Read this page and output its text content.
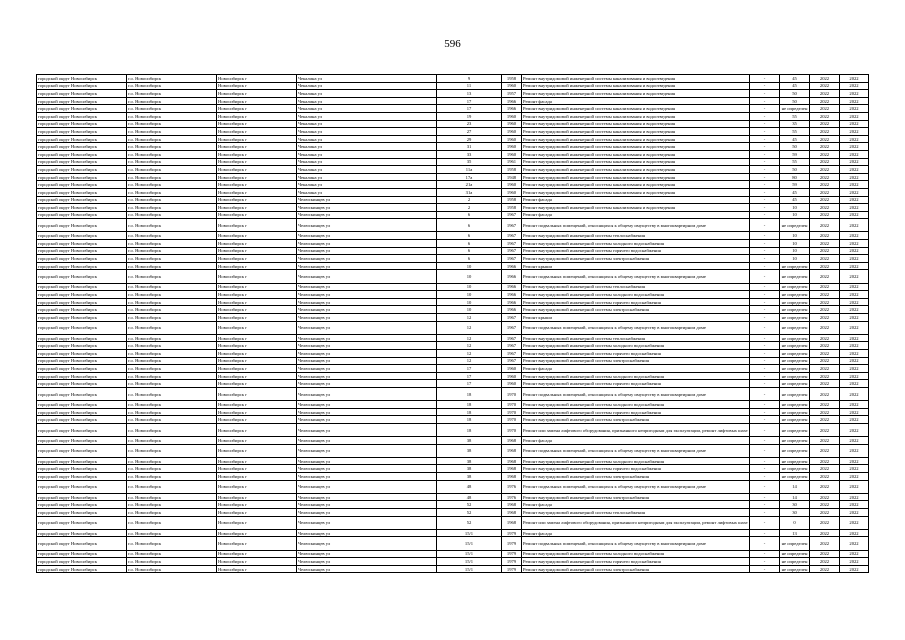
596
городской округ Новосибирск	г.о. Новосибирск	Новосибирск г	Чекалина ул	9	1958	Ремонт внутридомовой инженерной системы канализования и водоотведения	-	45	2022	2022
городской округ Новосибирск	г.о. Новосибирск	Новосибирск г	Чекалина ул	11	1960	Ремонт внутридомовой инженерной системы канализования и водоотведения	-	45	2022	2022
городской округ Новосибирск	г.о. Новосибирск	Новосибирск г	Чекалина ул	13	1957	Ремонт внутридомовой инженерной системы канализования и водоотведения	-	50	2022	2022
городской округ Новосибирск	г.о. Новосибирск	Новосибирск г	Чекалина ул	17	1966	Ремонт фасада	-	50	2022	2022
городской округ Новосибирск	г.о. Новосибирск	Новосибирск г	Чекалина ул	17	1966	Ремонт внутридомовой инженерной системы канализования и водоотведения	-	не определен	2022	2022
городской округ Новосибирск	г.о. Новосибирск	Новосибирск г	Чекалина ул	19	1960	Ремонт внутридомовой инженерной системы канализования и водоотведения	-	55	2022	2022
городской округ Новосибирск	г.о. Новосибирск	Новосибирск г	Чекалина ул	23	1960	Ремонт внутридомовой инженерной системы канализования и водоотведения	-	35	2022	2022
городской округ Новосибирск	г.о. Новосибирск	Новосибирск г	Чекалина ул	27	1960	Ремонт внутридомовой инженерной системы канализования и водоотведения	-	55	2022	2022
городской округ Новосибирск	г.о. Новосибирск	Новосибирск г	Чекалина ул	29	1960	Ремонт внутридомовой инженерной системы канализования и водоотведения	-	45	2022	2022
городской округ Новосибирск	г.о. Новосибирск	Новосибирск г	Чекалина ул	31	1960	Ремонт внутридомовой инженерной системы канализования и водоотведения	-	50	2022	2022
городской округ Новосибирск	г.о. Новосибирск	Новосибирск г	Чекалина ул	33	1960	Ремонт внутридомовой инженерной системы канализования и водоотведения	-	59	2022	2022
городской округ Новосибирск	г.о. Новосибирск	Новосибирск г	Чекалина ул	35	1961	Ремонт внутридомовой инженерной системы канализования и водоотведения	-	55	2022	2022
городской округ Новосибирск	г.о. Новосибирск	Новосибирск г	Чекалина ул	11а	1958	Ремонт внутридомовой инженерной системы канализования и водоотведения	-	50	2022	2022
городской округ Новосибирск	г.о. Новосибирск	Новосибирск г	Чекалина ул	17а	1948	Ремонт внутридомовой инженерной системы канализования и водоотведения	-	80	2022	2022
городской округ Новосибирск	г.о. Новосибирск	Новосибирск г	Чекалина ул	21а	1960	Ремонт внутридомовой инженерной системы канализования и водоотведения	-	59	2022	2022
городской округ Новосибирск	г.о. Новосибирск	Новосибирск г	Чекалина ул	31а	1960	Ремонт внутридомовой инженерной системы канализования и водоотведения	-	45	2022	2022
городской округ Новосибирск	г.о. Новосибирск	Новосибирск г	Челюскинцев ул	2	1958	Ремонт фасада	-	45	2022	2022
городской округ Новосибирск	г.о. Новосибирск	Новосибирск г	Челюскинцев ул	2	1958	Ремонт внутридомовой инженерной системы канализования и водоотведения	-	10	2022	2022
городской округ Новосибирск	г.о. Новосибирск	Новосибирск г	Челюскинцев ул	6	1967	Ремонт фасада	-	10	2022	2022
городской округ Новосибирск	г.о. Новосибирск	Новосибирск г	Челюскинцев ул	6	1967	Ремонт подвальных помещений, относящихся к общему имуществу в многоквартирном доме	-	не определен	2022	2022
городской округ Новосибирск	г.о. Новосибирск	Новосибирск г	Челюскинцев ул	6	1967	Ремонт внутридомовой инженерной системы теплоснабжения	-	10	2022	2022
городской округ Новосибирск	г.о. Новосибирск	Новосибирск г	Челюскинцев ул	6	1967	Ремонт внутридомовой инженерной системы холодного водоснабжения	-	10	2022	2022
городской округ Новосибирск	г.о. Новосибирск	Новосибирск г	Челюскинцев ул	6	1967	Ремонт внутридомовой инженерной системы горячего водоснабжения	-	10	2022	2022
городской округ Новосибирск	г.о. Новосибирск	Новосибирск г	Челюскинцев ул	6	1967	Ремонт внутридомовой инженерной системы электроснабжения	-	10	2022	2022
городской округ Новосибирск	г.о. Новосибирск	Новосибирск г	Челюскинцев ул	10	1966	Ремонт крыши	-	не определен	2022	2022
городской округ Новосибирск	г.о. Новосибирск	Новосибирск г	Челюскинцев ул	10	1966	Ремонт подвальных помещений, относящихся к общему имуществу в многоквартирном доме	-	не определен	2022	2022
городской округ Новосибирск	г.о. Новосибирск	Новосибирск г	Челюскинцев ул	10	1966	Ремонт внутридомовой инженерной системы теплоснабжения	-	не определен	2022	2022
городской округ Новосибирск	г.о. Новосибирск	Новосибирск г	Челюскинцев ул	10	1966	Ремонт внутридомовой инженерной системы холодного водоснабжения	-	не определен	2022	2022
городской округ Новосибирск	г.о. Новосибирск	Новосибирск г	Челюскинцев ул	10	1966	Ремонт внутридомовой инженерной системы горячего водоснабжения	-	не определен	2022	2022
городской округ Новосибирск	г.о. Новосибирск	Новосибирск г	Челюскинцев ул	10	1966	Ремонт внутридомовой инженерной системы электроснабжения	-	не определен	2022	2022
городской округ Новосибирск	г.о. Новосибирск	Новосибирск г	Челюскинцев ул	12	1967	Ремонт крыши	-	не определен	2022	2022
городской округ Новосибирск	г.о. Новосибирск	Новосибирск г	Челюскинцев ул	12	1967	Ремонт подвальных помещений, относящихся к общему имуществу в многоквартирном доме	-	не определен	2022	2022
городской округ Новосибирск	г.о. Новосибирск	Новосибирск г	Челюскинцев ул	12	1967	Ремонт внутридомовой инженерной системы теплоснабжения	-	не определен	2022	2022
городской округ Новосибирск	г.о. Новосибирск	Новосибирск г	Челюскинцев ул	12	1967	Ремонт внутридомовой инженерной системы холодного водоснабжения	-	не определен	2022	2022
городской округ Новосибирск	г.о. Новосибирск	Новосибирск г	Челюскинцев ул	12	1967	Ремонт внутридомовой инженерной системы горячего водоснабжения	-	не определен	2022	2022
городской округ Новосибирск	г.о. Новосибирск	Новосибирск г	Челюскинцев ул	12	1967	Ремонт внутридомовой инженерной системы электроснабжения	-	не определен	2022	2022
городской округ Новосибирск	г.о. Новосибирск	Новосибирск г	Челюскинцев ул	17	1960	Ремонт фасада	-	не определен	2022	2022
городской округ Новосибирск	г.о. Новосибирск	Новосибирск г	Челюскинцев ул	17	1960	Ремонт внутридомовой инженерной системы холодного водоснабжения	-	не определен	2022	2022
городской округ Новосибирск	г.о. Новосибирск	Новосибирск г	Челюскинцев ул	17	1960	Ремонт внутридомовой инженерной системы горячего водоснабжения	-	не определен	2022	2022
городской округ Новосибирск	г.о. Новосибирск	Новосибирск г	Челюскинцев ул	18	1970	Ремонт подвальных помещений, относящихся к общему имуществу в многоквартирном доме	-	не определен	2022	2022
городской округ Новосибирск	г.о. Новосибирск	Новосибирск г	Челюскинцев ул	18	1970	Ремонт внутридомовой инженерной системы холодного водоснабжения	-	не определен	2022	2022
городской округ Новосибирск	г.о. Новосибирск	Новосибирск г	Челюскинцев ул	18	1970	Ремонт внутридомовой инженерной системы горячего водоснабжения	-	не определен	2022	2022
городской округ Новосибирск	г.о. Новосибирск	Новосибирск г	Челюскинцев ул	18	1970	Ремонт внутридомовой инженерной системы электроснабжения	-	не определен	2022	2022
городской округ Новосибирск	г.о. Новосибирск	Новосибирск г	Челюскинцев ул	18	1970	Ремонт или замена лифтового оборудования, признанного непригодным для эксплуатации, ремонт лифтовых шахт	-	не определен	2022	2022
городской округ Новосибирск	г.о. Новосибирск	Новосибирск г	Челюскинцев ул	38	1968	Ремонт фасада	-	не определен	2022	2022
городской округ Новосибирск	г.о. Новосибирск	Новосибирск г	Челюскинцев ул	38	1968	Ремонт подвальных помещений, относящихся к общему имуществу в многоквартирном доме	-	не определен	2022	2022
городской округ Новосибирск	г.о. Новосибирск	Новосибирск г	Челюскинцев ул	38	1968	Ремонт внутридомовой инженерной системы холодного водоснабжения	-	не определен	2022	2022
городской округ Новосибирск	г.о. Новосибирск	Новосибирск г	Челюскинцев ул	38	1968	Ремонт внутридомовой инженерной системы горячего водоснабжения	-	не определен	2022	2022
городской округ Новосибирск	г.о. Новосибирск	Новосибирск г	Челюскинцев ул	38	1968	Ремонт внутридомовой инженерной системы электроснабжения	-	не определен	2022	2022
городской округ Новосибирск	г.о. Новосибирск	Новосибирск г	Челюскинцев ул	48	1976	Ремонт подвальных помещений, относящихся к общему имуществу в многоквартирном доме	-	14	2022	2022
городской округ Новосибирск	г.о. Новосибирск	Новосибирск г	Челюскинцев ул	48	1976	Ремонт внутридомовой инженерной системы электроснабжения	-	14	2022	2022
городской округ Новосибирск	г.о. Новосибирск	Новосибирск г	Челюскинцев ул	52	1968	Ремонт фасада	-	30	2022	2022
городской округ Новосибирск	г.о. Новосибирск	Новосибирск г	Челюскинцев ул	52	1968	Ремонт внутридомовой инженерной системы теплоснабжения	-	30	2022	2022
городской округ Новосибирск	г.о. Новосибирск	Новосибирск г	Челюскинцев ул	52	1968	Ремонт или замена лифтового оборудования, признанного непригодным для эксплуатации, ремонт лифтовых шахт	-	0	2022	2022
городской округ Новосибирск	г.о. Новосибирск	Новосибирск г	Челюскинцев ул	15/1	1979	Ремонт фасада	-	13	2022	2022
городской округ Новосибирск	г.о. Новосибирск	Новосибирск г	Челюскинцев ул	15/1	1979	Ремонт подвальных помещений, относящихся к общему имуществу в многоквартирном доме	-	не определен	2022	2022
городской округ Новосибирск	г.о. Новосибирск	Новосибирск г	Челюскинцев ул	15/1	1979	Ремонт внутридомовой инженерной системы холодного водоснабжения	-	не определен	2022	2022
городской округ Новосибирск	г.о. Новосибирск	Новосибирск г	Челюскинцев ул	15/1	1979	Ремонт внутридомовой инженерной системы горячего водоснабжения	-	не определен	2022	2022
городской округ Новосибирск	г.о. Новосибирск	Новосибирск г	Челюскинцев ул	15/1	1979	Ремонт внутридомовой инженерной системы электроснабжения	-	не определен	2022	2022
